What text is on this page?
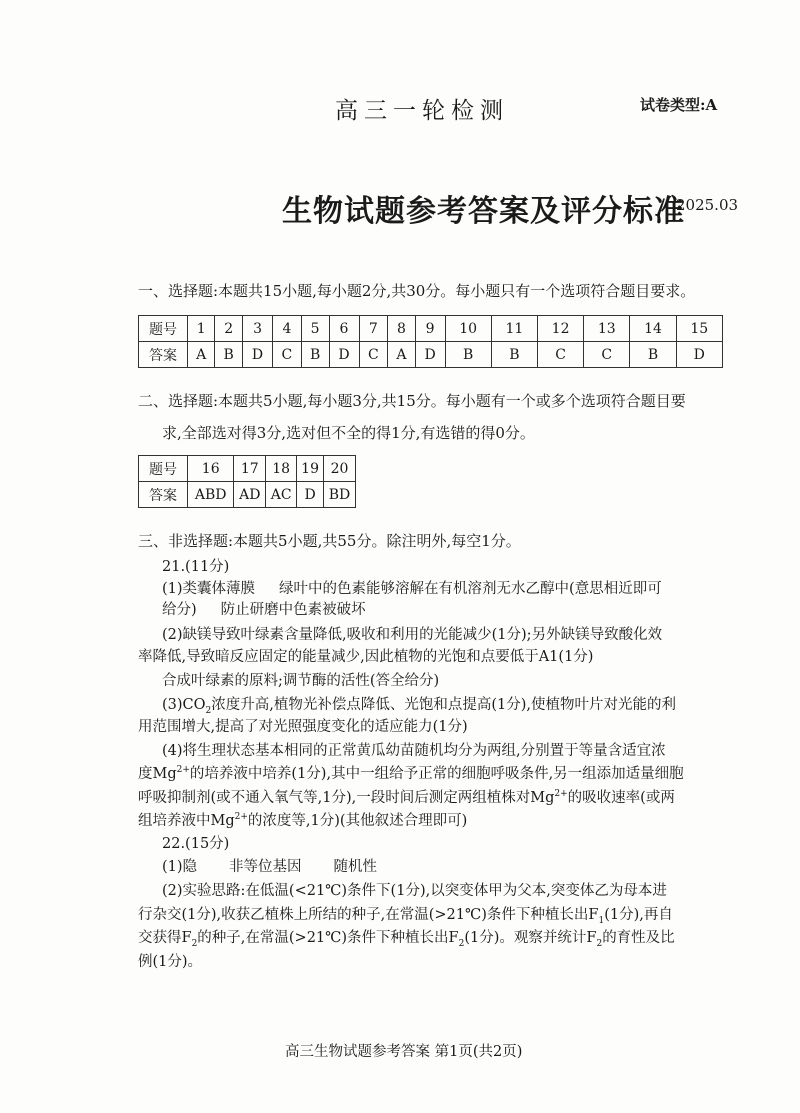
高三一轮检测	试卷类型:A
生物试题参考答案及评分标准
2025.03
一、选择题:本题共15小题,每小题2分,共30分。每小题只有一个选项符合题目要求。
题号	1	2	3	4	5	6	7	8	9	10	11	12	13	14	15
答案	A	B	D	C	B	D	C	A	D	B	B	C	C	B	D
二、选择题:本题共5小题,每小题3分,共15分。每小题有一个或多个选项符合题目要
求,全部选对得3分,选对但不全的得1分,有选错的得0分。
题号	16	17	18	19	20
答案	ABD	AD	AC	D	BD
三、非选择题:本题共5小题,共55分。除注明外,每空1分。
21.(11分)
(1)类囊体薄膜 绿叶中的色素能够溶解在有机溶剂无水乙醇中(意思相近即可
给分) 防止研磨中色素被破坏
(2)缺镁导致叶绿素含量降低,吸收和利用的光能减少(1分);另外缺镁导致酸化效
率降低,导致暗反应固定的能量减少,因此植物的光饱和点要低于A1(1分)
合成叶绿素的原料;调节酶的活性(答全给分)
$(3)CO_2$浓度升高,植物光补偿点降低、光饱和点提高(1分),使植物叶片对光能的利
用范围增大,提高了对光照强度变化的适应能力(1分)
(4)将生理状态基本相同的正常黄瓜幼苗随机均分为两组,分别置于等量含适宜浓
度$Mg^{2+}$的培养液中培养(1分),其中一组给予正常的细胞呼吸条件,另一组添加适量细胞
呼吸抑制剂(或不通入氧气等,1分),一段时间后测定两组植株对$Mg^{2+}$的吸收速率(或两
组培养液中$Mg^{2+}$的浓度等,1分)(其他叙述合理即可)
22.(15分)
(1)隐 非等位基因 随机性
(2)实验思路:在低温(<21℃)条件下(1分),以突变体甲为父本,突变体乙为母本进
行杂交(1分),收获乙植株上所结的种子,在常温(>21℃)条件下种植长出$F_1(1$分),再自
交获得$F_2$的种子,在常温(>21℃)条件下种植长出$F_2(1$分)。观察并统计$F_2$的育性及比
例(1分)。
高三生物试题参考答案 第1页(共2页)
